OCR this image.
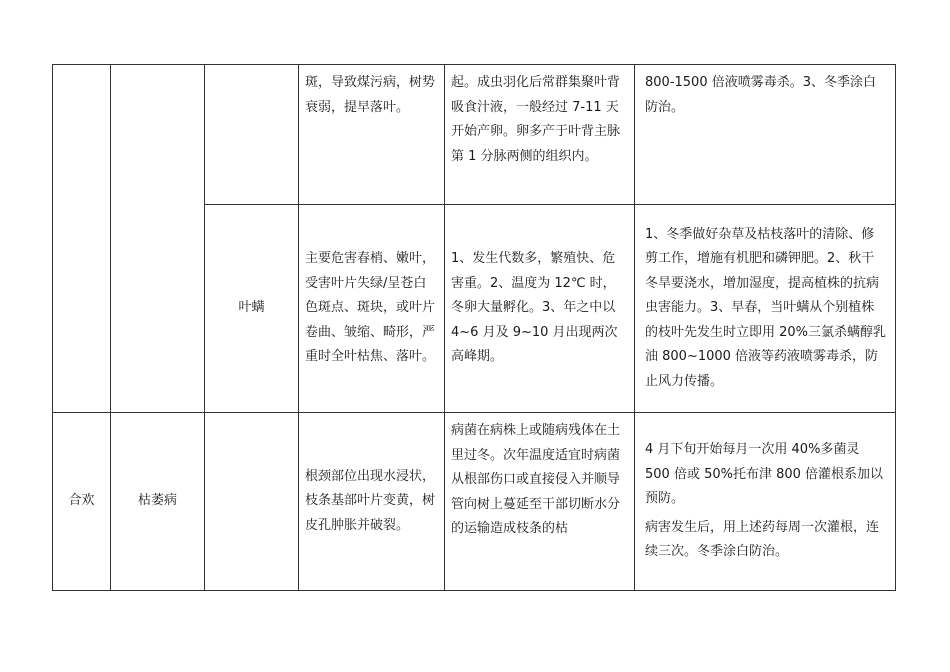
			斑，导致煤污病，树势衰弱，提早落叶。	起。成虫羽化后常群集聚叶背吸食汁液，一般经过 7-11 天开始产卵。卵多产于叶背主脉第 1 分脉两侧的组织内。	800-1500 倍液喷雾毒杀。3、冬季涂白防治。

		叶螨	主要危害春梢、嫩叶，受害叶片失绿/呈苍白色斑点、斑块，或叶片卷曲、皱缩、畸形，严重时全叶枯焦、落叶。	1、发生代数多，繁殖快、危害重。2、温度为 12℃ 时，冬卵大量孵化。3、年之中以 4~6 月及 9~10 月出现两次高峰期。	1、冬季做好杂草及枯枝落叶的清除、修剪工作，增施有机肥和磷钾肥。2、秋干冬旱要浇水，增加湿度，提高植株的抗病虫害能力。3、早春，当叶螨从个别植株的枝叶先发生时立即用 20%三氯杀螨醇乳油 800~1000 倍液等药液喷雾毒杀，防止风力传播。

合欢	枯萎病		根颈部位出现水浸状，枝条基部叶片变黄，树皮孔肿胀并破裂。	病菌在病株上或随病残体在土里过冬。次年温度适宜时病菌从根部伤口或直接侵入并顺导管向树上蔓延至干部切断水分的运输造成枝条的枯	4 月下旬开始每月一次用 40%多菌灵 500 倍或 50%托布津 800 倍灌根系加以预防。
病害发生后，用上述药每周一次灌根，连续三次。冬季涂白防治。
